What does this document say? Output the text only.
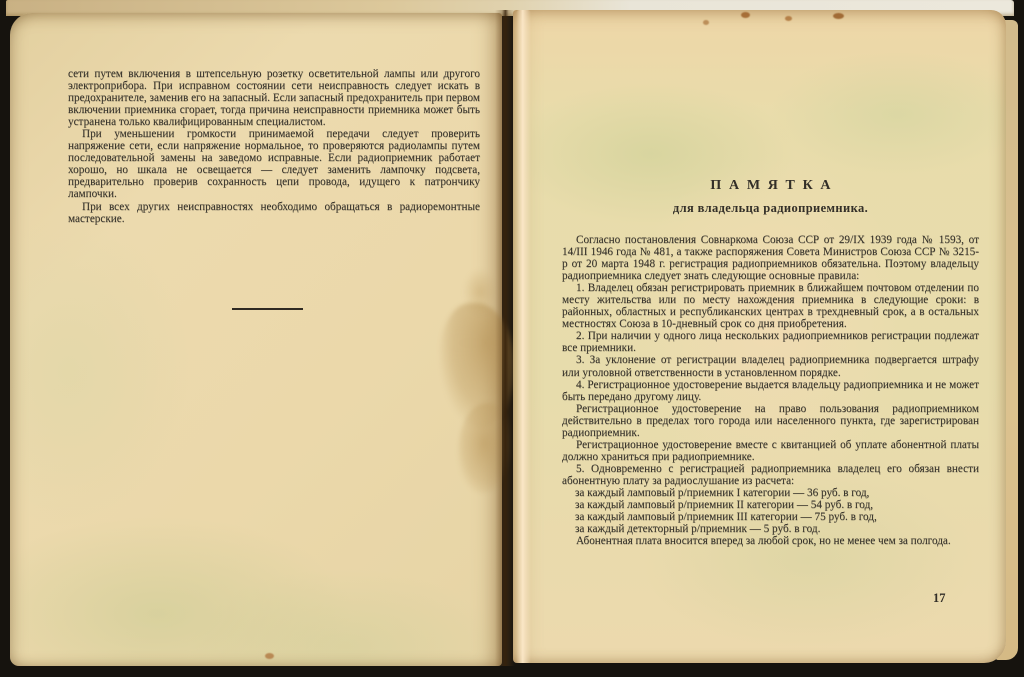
сети путем включения в штепсельную розетку осветительной лампы или другого электроприбора. При исправном состоянии сети неисправность следует искать в предохранителе, заменив его на запасный. Если запасный предохранитель при первом включении приемника сгорает, тогда причина неисправности приемника может быть устранена только квалифицированным специалистом.

При уменьшении громкости принимаемой передачи следует проверить напряжение сети, если напряжение нормальное, то проверяются радиолампы путем последовательной замены на заведомо исправные. Если радиоприемник работает хорошо, но шкала не освещается — следует заменить лампочку подсвета, предварительно проверив сохранность цепи провода, идущего к патрончику лампочки.

При всех других неисправностях необходимо обращаться в радиоремонтные мастерские.

ПАМЯТКА
для владельца радиоприемника.

Согласно постановления Совнаркома Союза ССР от 29/IX 1939 года № 1593, от 14/III 1946 года № 481, а также распоряжения Совета Министров Союза ССР № 3215-р от 20 марта 1948 г. регистрация радиоприемников обязательна. Поэтому владельцу радиоприемника следует знать следующие основные правила:

1. Владелец обязан регистрировать приемник в ближайшем почтовом отделении по месту жительства или по месту нахождения приемника в следующие сроки: в районных, областных и республиканских центрах в трехдневный срок, а в остальных местностях Союза в 10-дневный срок со дня приобретения.

2. При наличии у одного лица нескольких радиоприемников регистрации подлежат все приемники.

3. За уклонение от регистрации владелец радиоприемника подвергается штрафу или уголовной ответственности в установленном порядке.

4. Регистрационное удостоверение выдается владельцу радиоприемника и не может быть передано другому лицу.

Регистрационное удостоверение на право пользования радиоприемником действительно в пределах того города или населенного пункта, где зарегистрирован радиоприемник.

Регистрационное удостоверение вместе с квитанцией об уплате абонентной платы должно храниться при радиоприемнике.

5. Одновременно с регистрацией радиоприемника владелец его обязан внести абонентную плату за радиослушание из расчета:

за каждый ламповый р/приемник I категории — 36 руб. в год,

за каждый ламповый р/приемник II категории — 54 руб. в год,

за каждый ламповый р/приемник III категории — 75 руб. в год,

за каждый детекторный р/приемник — 5 руб. в год.

Абонентная плата вносится вперед за любой срок, но не менее чем за полгода.

17
